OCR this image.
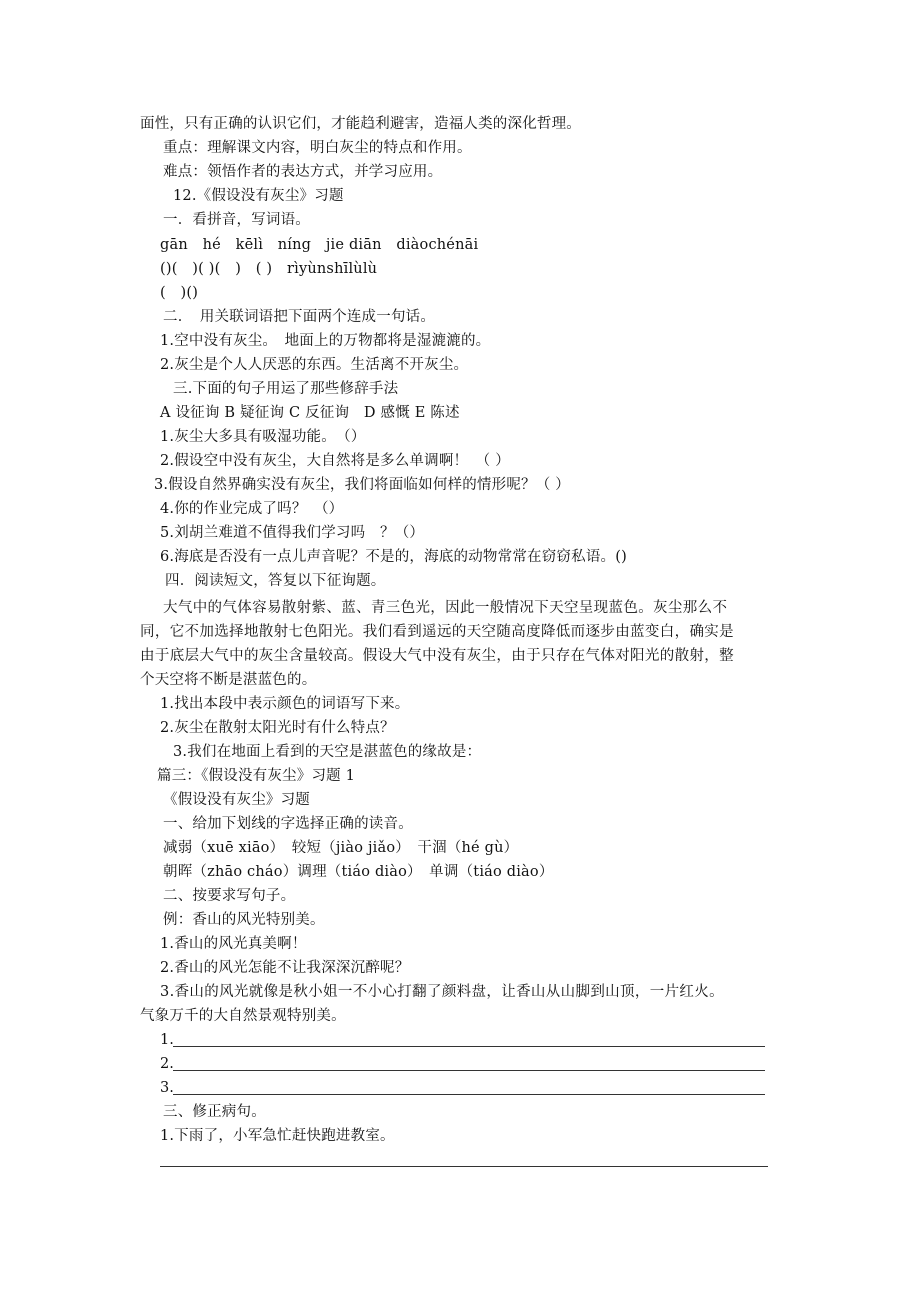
面性，只有正确的认识它们，才能趋利避害，造福人类的深化哲理。
重点：理解课文内容，明白灰尘的特点和作用。
难点：领悟作者的表达方式，并学习应用。
12.《假设没有灰尘》习题
一．看拼音，写词语。
gān　hé　kēlì　níng　jie diān　diàochénāi
()(　)( )(　)　( )　rìyùnshīlùlù
(　)()
二．　用关联词语把下面两个连成一句话。
1.空中没有灰尘。　地面上的万物都将是湿漉漉的。
2.灰尘是个人人厌恶的东西。生活离不开灰尘。
三.下面的句子用运了那些修辞手法
A 设征询 B 疑征询 C 反征询　D 感慨 E 陈述
1.灰尘大多具有吸湿功能。　（）
2.假设空中没有灰尘，大自然将是多么单调啊！　（ ）
3.假设自然界确实没有灰尘，我们将面临如何样的情形呢？（ ）
4.你的作业完成了吗？　（）
5.刘胡兰难道不值得我们学习吗　？（）
6.海底是否没有一点儿声音呢？不是的，海底的动物常常在窃窃私语。()
四．阅读短文，答复以下征询题。
大气中的气体容易散射紫、蓝、青三色光，因此一般情况下天空呈现蓝色。灰尘那么不
同，它不加选择地散射七色阳光。我们看到遥远的天空随高度降低而逐步由蓝变白，确实是
由于底层大气中的灰尘含量较高。假设大气中没有灰尘，由于只存在气体对阳光的散射，整
个天空将不断是湛蓝色的。
1.找出本段中表示颜色的词语写下来。
2.灰尘在散射太阳光时有什么特点？
3.我们在地面上看到的天空是湛蓝色的缘故是：
篇三：《假设没有灰尘》习题 1
《假设没有灰尘》习题
一、给加下划线的字选择正确的读音。
减弱（xuē xiāo）　较短（jiào jiǎo）　干涸（hé gù）
朝晖（zhāo cháo）调理（tiáo diào）　单调（tiáo diào）
二、按要求写句子。
例：香山的风光特别美。
1.香山的风光真美啊！
2.香山的风光怎能不让我深深沉醉呢？
3.香山的风光就像是秋小姐一不小心打翻了颜料盘，让香山从山脚到山顶，一片红火。
气象万千的大自然景观特别美。
1.
2.
3.
三、修正病句。
1.下雨了，小军急忙赶快跑进教室。
